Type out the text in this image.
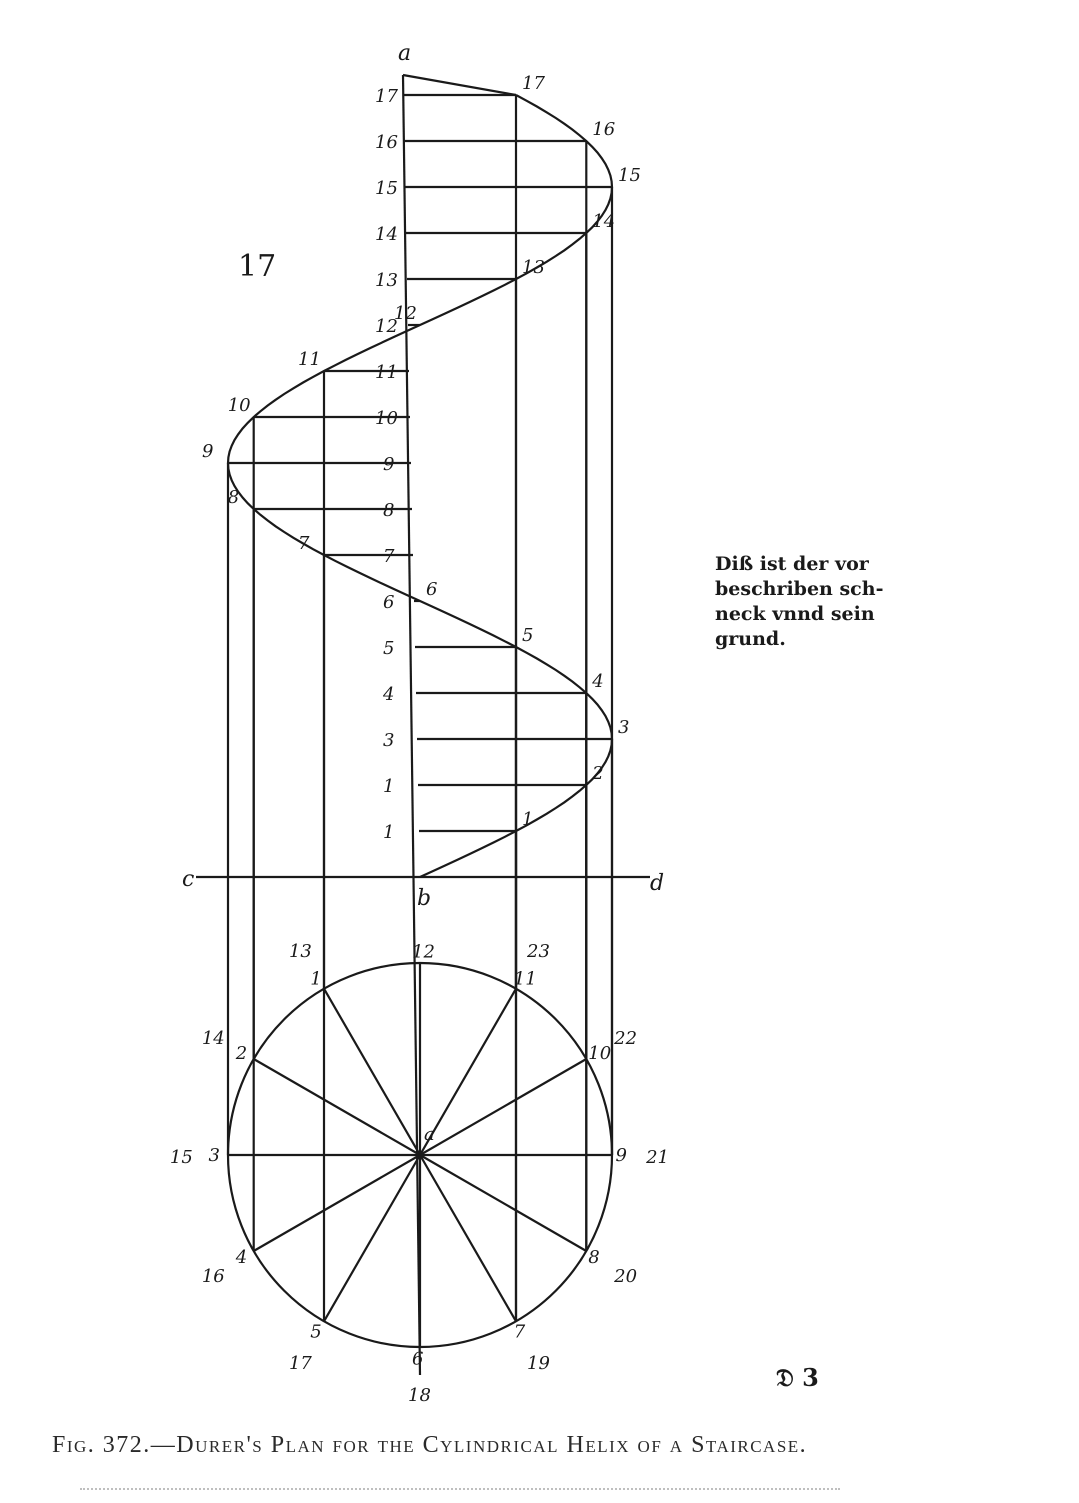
1
1
3
4
5
6
7
8
9
10
11
12
13
14
15
16
17
1
2
3
4
5
6
7
8
9
10
11
12
13
14
15
16
17
12
1
2
3
4
5
6
7
8
9
10
11
13
14
15
16
17
18
19
20
21
22
23
a
c	d
b
a
17
Diß ist der vor
beschriben sch-
neck vnnd sein
grund.
𝔇 3
Fig. 372.—Durer's Plan for the Cylindrical Helix of a Staircase.
